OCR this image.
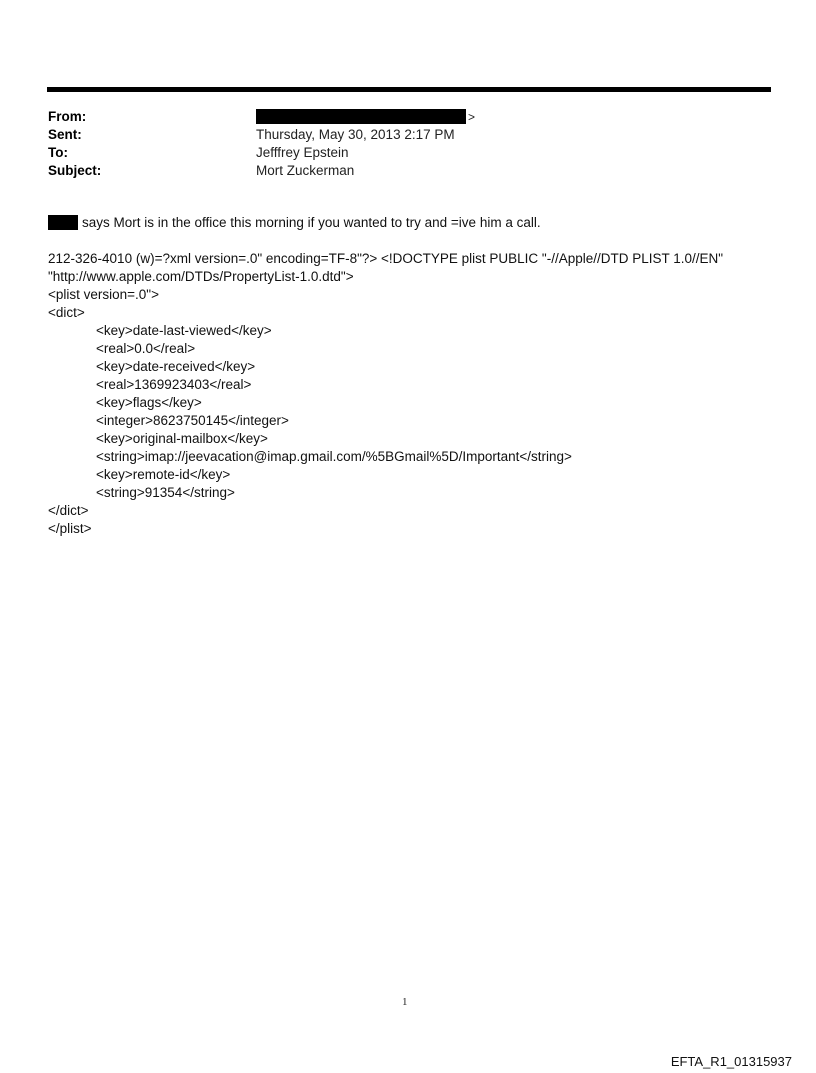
From:	>
Sent:	Thursday, May 30, 2013 2:17 PM
To:	Jefffrey Epstein
Subject:	Mort Zuckerman
says Mort is in the office this morning if you wanted to try and =ive him a call.
212-326-4010 (w)=?xml version=.0" encoding=TF-8"?> <!DOCTYPE plist PUBLIC "-//Apple//DTD PLIST 1.0//EN"
"http://www.apple.com/DTDs/PropertyList-1.0.dtd">
<plist version=.0">
<dict>
<key>date-last-viewed</key>
<real>0.0</real>
<key>date-received</key>
<real>1369923403</real>
<key>flags</key>
<integer>8623750145</integer>
<key>original-mailbox</key>
<string>imap://jeevacation@imap.gmail.com/%5BGmail%5D/Important</string>
<key>remote-id</key>
<string>91354</string>
</dict>
</plist>
1
EFTA_R1_01315937
